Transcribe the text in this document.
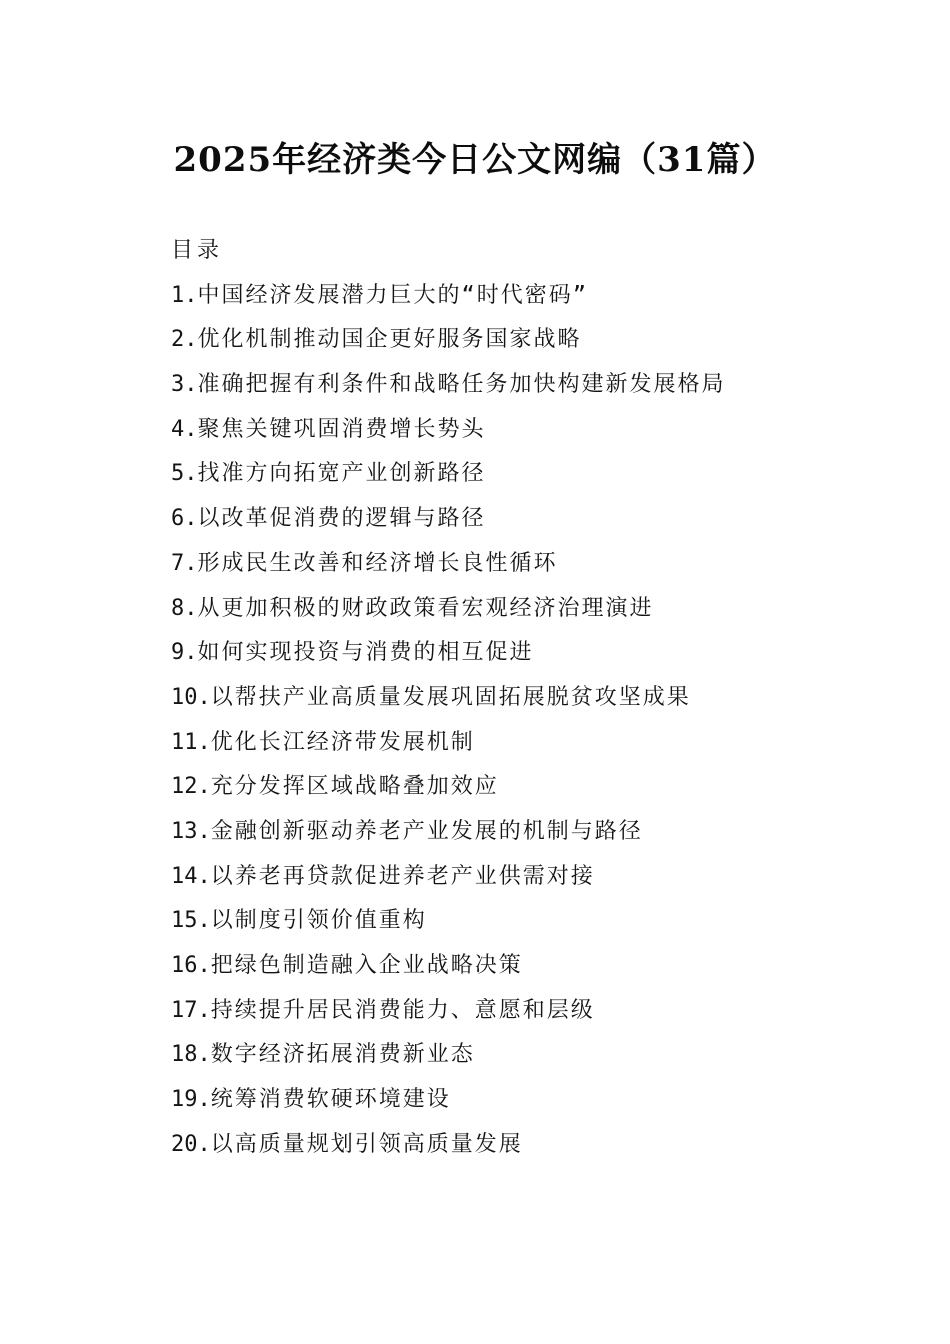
2025年经济类今日公文网编（31篇）
目录
1.中国经济发展潜力巨大的“时代密码”
2.优化机制推动国企更好服务国家战略
3.准确把握有利条件和战略任务加快构建新发展格局
4.聚焦关键巩固消费增长势头
5.找准方向拓宽产业创新路径
6.以改革促消费的逻辑与路径
7.形成民生改善和经济增长良性循环
8.从更加积极的财政政策看宏观经济治理演进
9.如何实现投资与消费的相互促进
10.以帮扶产业高质量发展巩固拓展脱贫攻坚成果
11.优化长江经济带发展机制
12.充分发挥区域战略叠加效应
13.金融创新驱动养老产业发展的机制与路径
14.以养老再贷款促进养老产业供需对接
15.以制度引领价值重构
16.把绿色制造融入企业战略决策
17.持续提升居民消费能力、意愿和层级
18.数字经济拓展消费新业态
19.统筹消费软硬环境建设
20.以高质量规划引领高质量发展
